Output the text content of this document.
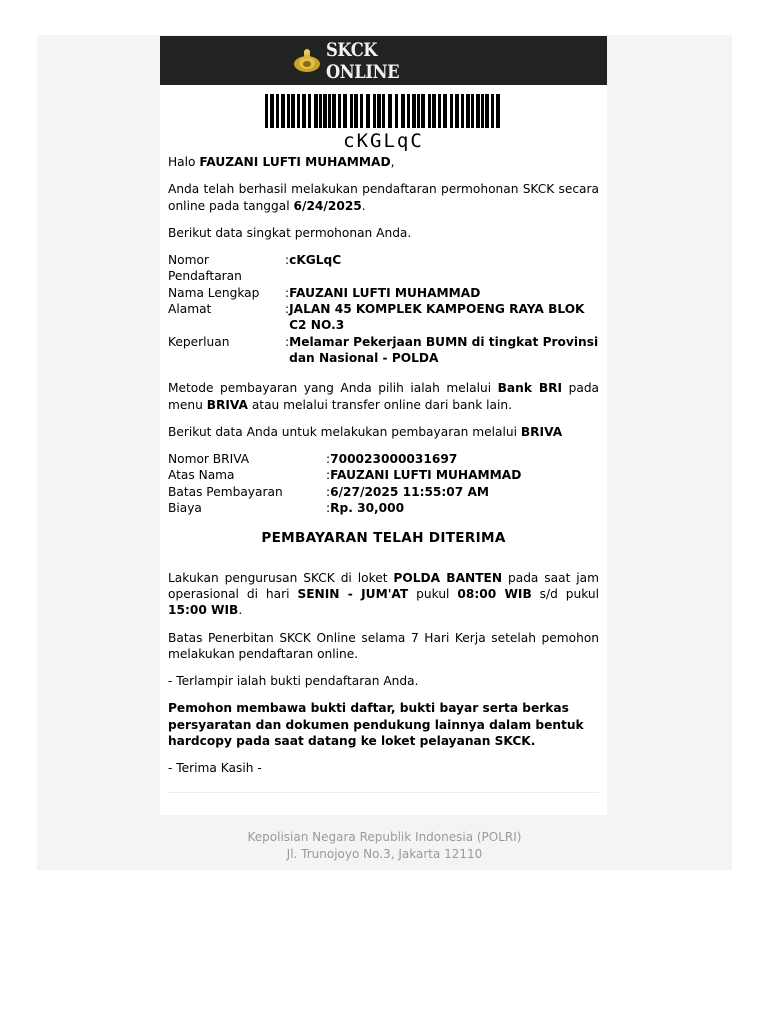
SKCK ONLINE
cKGLqC

Halo FAUZANI LUFTI MUHAMMAD,

Anda telah berhasil melakukan pendaftaran permohonan SKCK secara online pada tanggal 6/24/2025.

Berikut data singkat permohonan Anda.

Nomor Pendaftaran
: cKGLqC
Nama Lengkap	: FAUZANI LUFTI MUHAMMAD
Alamat	: JALAN 45 KOMPLEK KAMPOENG RAYA BLOK C2 NO.3
Keperluan	: Melamar Pekerjaan BUMN di tingkat Provinsi dan Nasional - POLDA

Metode pembayaran yang Anda pilih ialah melalui Bank BRI pada menu BRIVA atau melalui transfer online dari bank lain.

Berikut data Anda untuk melakukan pembayaran melalui BRIVA

Nomor BRIVA	: 700023000031697
Atas Nama	: FAUZANI LUFTI MUHAMMAD
Batas Pembayaran	: 6/27/2025 11:55:07 AM
Biaya	: Rp. 30,000
PEMBAYARAN TELAH DITERIMA

Lakukan pengurusan SKCK di loket POLDA BANTEN pada saat jam operasional di hari SENIN - JUM'AT pukul 08:00 WIB s/d pukul 15:00 WIB.

Batas Penerbitan SKCK Online selama 7 Hari Kerja setelah pemohon melakukan pendaftaran online.

- Terlampir ialah bukti pendaftaran Anda.

Pemohon membawa bukti daftar, bukti bayar serta berkas persyaratan dan dokumen pendukung lainnya dalam bentuk hardcopy pada saat datang ke loket pelayanan SKCK.

- Terima Kasih -

Kepolisian Negara Republik Indonesia (POLRI)
Jl. Trunojoyo No.3, Jakarta 12110
